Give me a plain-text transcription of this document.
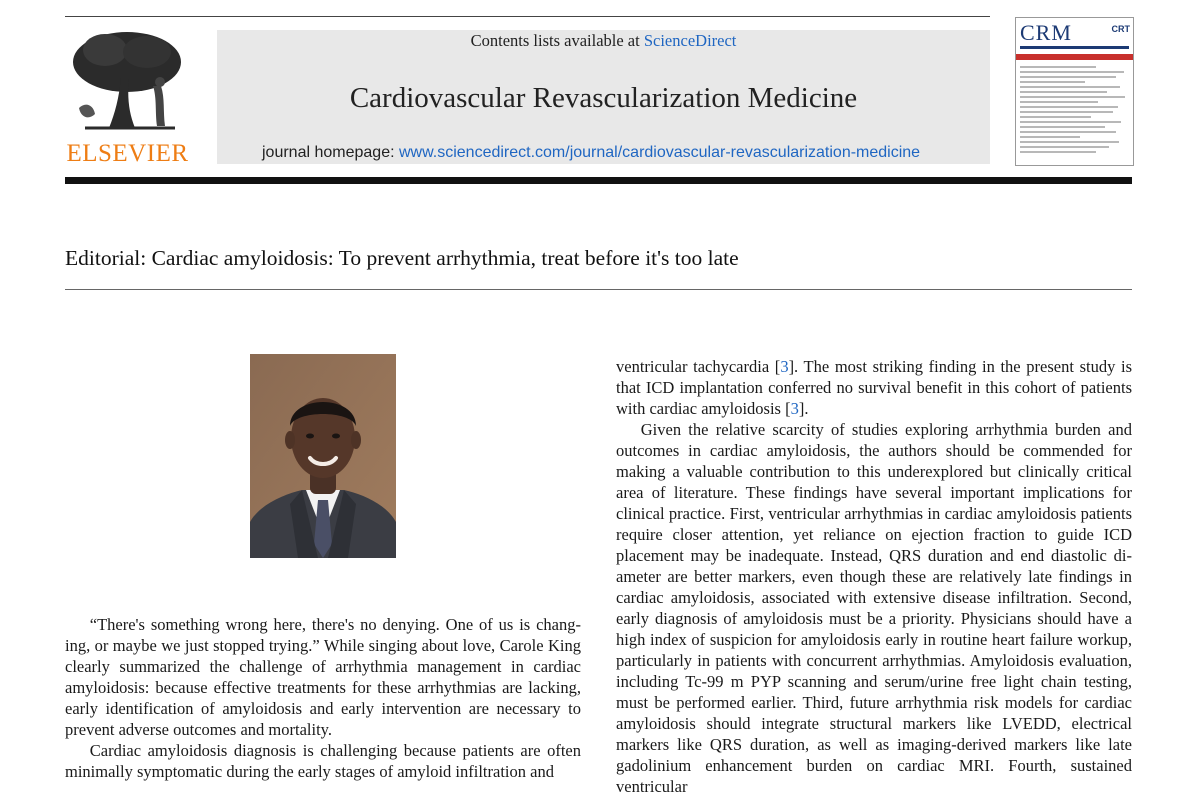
ELSEVIER
Contents lists available at ScienceDirect
Cardiovascular Revascularization Medicine
journal homepage: www.sciencedirect.com/journal/cardiovascular-revascularization-medicine
CRM	CRT
Editorial: Cardiac amyloidosis: To prevent arrhythmia, treat before it's too late

“There's something wrong here, there's no denying. One of us is changing, or maybe we just stopped trying.” While singing about love, Carole King clearly summarized the challenge of arrhythmia management in cardiac amyloidosis: because effective treatments for these arrhythmias are lacking, early identification of amyloidosis and early intervention are necessary to prevent adverse outcomes and mortality.

Cardiac amyloidosis diagnosis is challenging because patients are often minimally symptomatic during the early stages of amyloid infiltration and

ventricular tachycardia [3]. The most striking finding in the present study is that ICD implantation conferred no survival benefit in this cohort of patients with cardiac amyloidosis [3].

Given the relative scarcity of studies exploring arrhythmia burden and outcomes in cardiac amyloidosis, the authors should be commended for making a valuable contribution to this underexplored but clinically critical area of literature. These findings have several important implications for clinical practice. First, ventricular arrhythmias in cardiac amyloidosis patients require closer attention, yet reliance on ejection fraction to guide ICD placement may be inadequate. Instead, QRS duration and end diastolic diameter are better markers, even though these are relatively late findings in cardiac amyloidosis, associated with extensive disease infiltration. Second, early diagnosis of amyloidosis must be a priority. Physicians should have a high index of suspicion for amyloidosis early in routine heart failure workup, particularly in patients with concurrent arrhythmias. Amyloidosis evaluation, including Tc-99 m PYP scanning and serum/urine free light chain testing, must be performed earlier. Third, future arrhythmia risk models for cardiac amyloidosis should integrate structural markers like LVEDD, electrical markers like QRS duration, as well as imaging-derived markers like late gadolinium enhancement burden on cardiac MRI. Fourth, sustained ventricular
